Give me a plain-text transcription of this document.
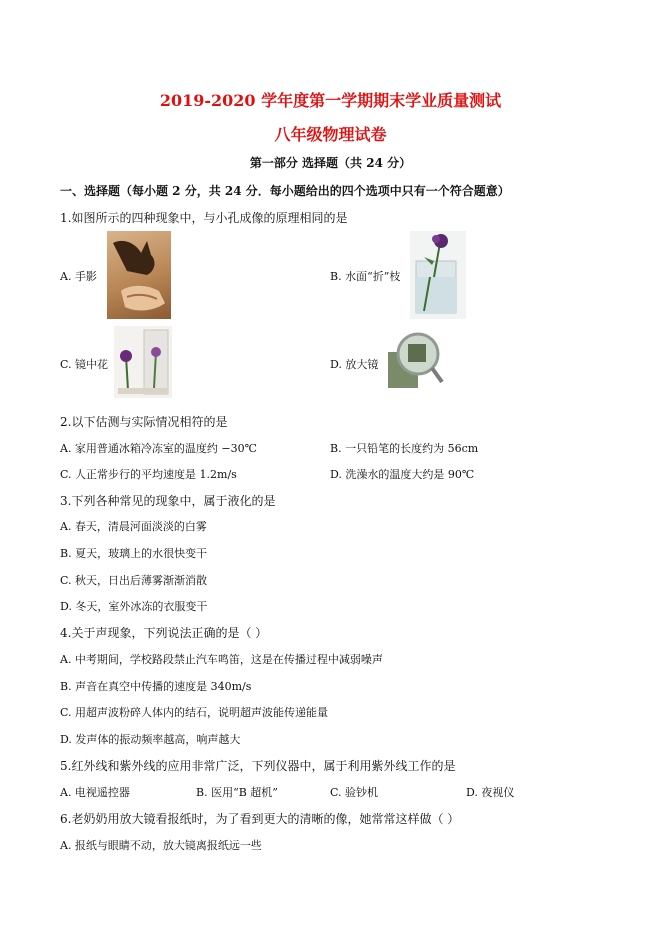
2019-2020 学年度第一学期期末学业质量测试
八年级物理试卷
第一部分 选择题（共 24 分）
一、选择题（每小题 2 分，共 24 分．每小题给出的四个选项中只有一个符合题意）
1.如图所示的四种现象中，与小孔成像的原理相同的是
A. 手影	B. 水面“折”枝
C. 镜中花	D. 放大镜
2.以下估测与实际情况相符的是
A. 家用普通冰箱冷冻室的温度约 −30℃	B. 一只铅笔的长度约为 56cm
C. 人正常步行的平均速度是 1.2m/s	D. 洗澡水的温度大约是 90℃
3.下列各种常见的现象中，属于液化的是
A. 春天，清晨河面淡淡的白雾
B. 夏天，玻璃上的水很快变干
C. 秋天，日出后薄雾渐渐消散
D. 冬天，室外冰冻的衣服变干
4.关于声现象，下列说法正确的是（ ）
A. 中考期间，学校路段禁止汽车鸣笛，这是在传播过程中减弱噪声
B. 声音在真空中传播的速度是 340m/s
C. 用超声波粉碎人体内的结石，说明超声波能传递能量
D. 发声体的振动频率越高，响声越大
5.红外线和紫外线的应用非常广泛，下列仪器中，属于利用紫外线工作的是
A. 电视遥控器	B. 医用“B 超机”	C. 验钞机	D. 夜视仪
6.老奶奶用放大镜看报纸时，为了看到更大的清晰的像，她常常这样做（ ）
A. 报纸与眼睛不动，放大镜离报纸远一些
